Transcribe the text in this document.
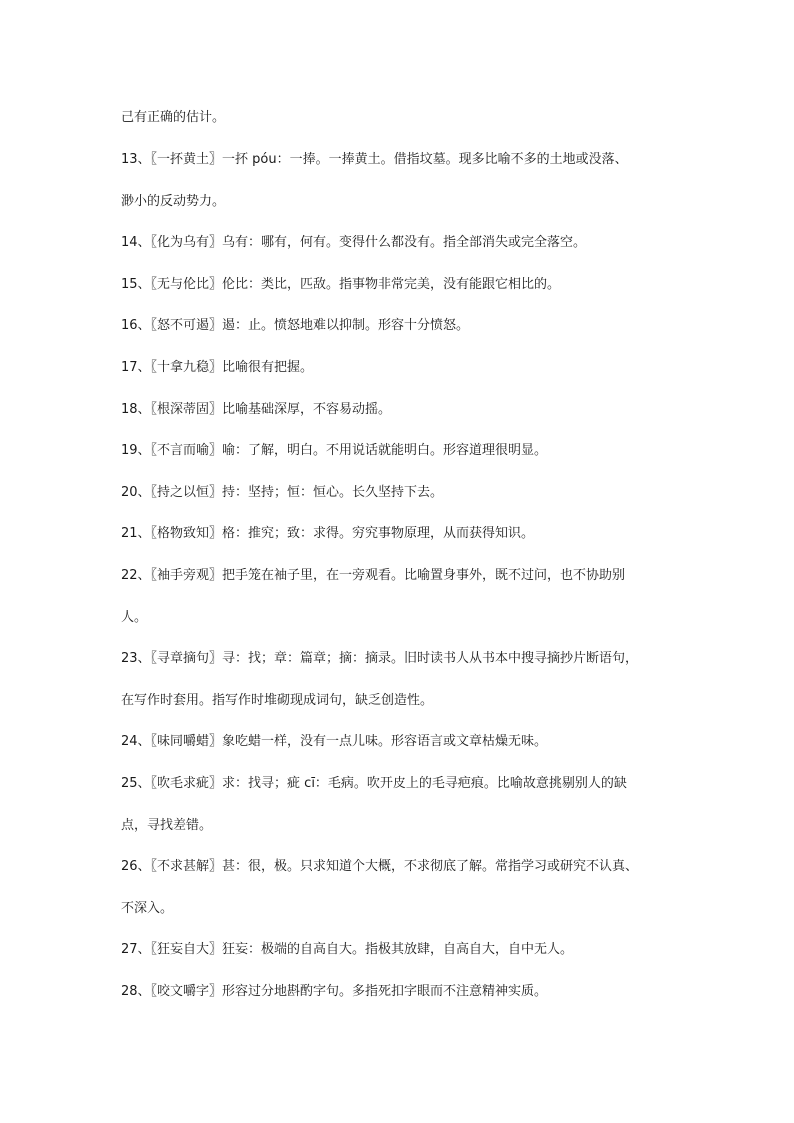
己有正确的估计。
13、〖一抔黄土〗一抔 póu：一捧。一捧黄土。借指坟墓。现多比喻不多的土地或没落、
渺小的反动势力。
14、〖化为乌有〗乌有：哪有，何有。变得什么都没有。指全部消失或完全落空。
15、〖无与伦比〗伦比：类比，匹敌。指事物非常完美，没有能跟它相比的。
16、〖怒不可遏〗遏：止。愤怒地难以抑制。形容十分愤怒。
17、〖十拿九稳〗比喻很有把握。
18、〖根深蒂固〗比喻基础深厚，不容易动摇。
19、〖不言而喻〗喻：了解，明白。不用说话就能明白。形容道理很明显。
20、〖持之以恒〗持：坚持；恒：恒心。长久坚持下去。
21、〖格物致知〗格：推究；致：求得。穷究事物原理，从而获得知识。
22、〖袖手旁观〗把手笼在袖子里，在一旁观看。比喻置身事外，既不过问，也不协助别
人。
23、〖寻章摘句〗寻：找；章：篇章；摘：摘录。旧时读书人从书本中搜寻摘抄片断语句，
在写作时套用。指写作时堆砌现成词句，缺乏创造性。
24、〖味同嚼蜡〗象吃蜡一样，没有一点儿味。形容语言或文章枯燥无味。
25、〖吹毛求疵〗求：找寻；疵 cī：毛病。吹开皮上的毛寻疤痕。比喻故意挑剔别人的缺
点，寻找差错。
26、〖不求甚解〗甚：很，极。只求知道个大概，不求彻底了解。常指学习或研究不认真、
不深入。
27、〖狂妄自大〗狂妄：极端的自高自大。指极其放肆，自高自大，自中无人。
28、〖咬文嚼字〗形容过分地斟酌字句。多指死扣字眼而不注意精神实质。
